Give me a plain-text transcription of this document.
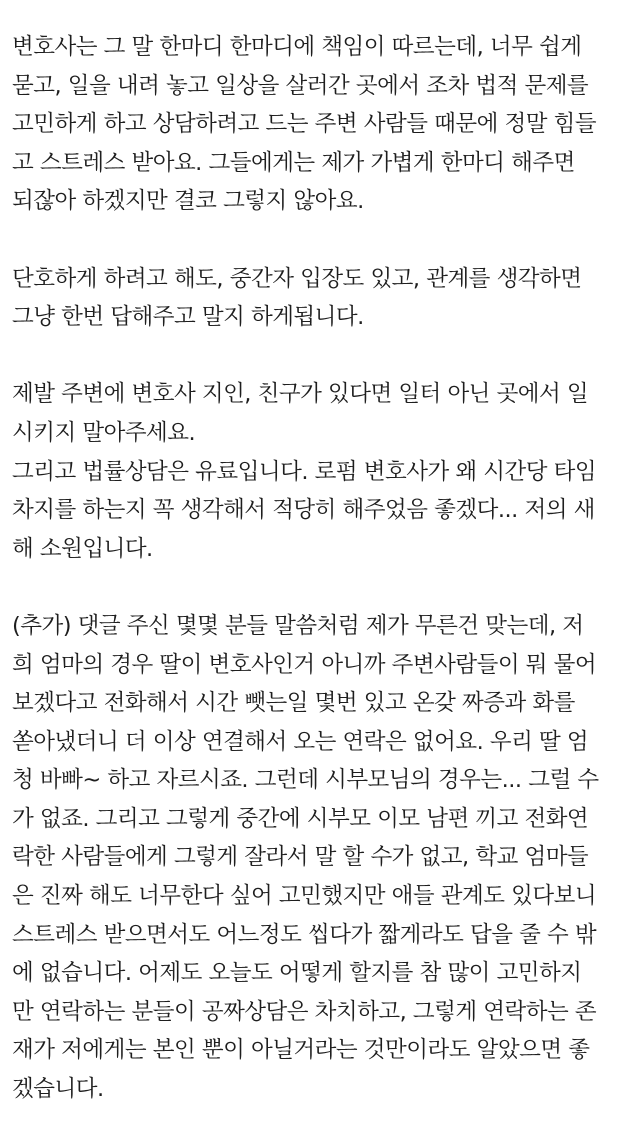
변호사는 그 말 한마디 한마디에 책임이 따르는데, 너무 쉽게
묻고, 일을 내려 놓고 일상을 살러간 곳에서 조차 법적 문제를
고민하게 하고 상담하려고 드는 주변 사람들 때문에 정말 힘들
고 스트레스 받아요. 그들에게는 제가 가볍게 한마디 해주면
되잖아 하겠지만 결코 그렇지 않아요.
단호하게 하려고 해도, 중간자 입장도 있고, 관계를 생각하면
그냥 한번 답해주고 말지 하게됩니다.
제발 주변에 변호사 지인, 친구가 있다면 일터 아닌 곳에서 일
시키지 말아주세요.
그리고 법률상담은 유료입니다. 로펌 변호사가 왜 시간당 타임
차지를 하는지 꼭 생각해서 적당히 해주었음 좋겠다... 저의 새
해 소원입니다.
(추가) 댓글 주신 몇몇 분들 말씀처럼 제가 무른건 맞는데, 저
희 엄마의 경우 딸이 변호사인거 아니까 주변사람들이 뭐 물어
보겠다고 전화해서 시간 뺏는일 몇번 있고 온갖 짜증과 화를
쏟아냈더니 더 이상 연결해서 오는 연락은 없어요. 우리 딸 엄
청 바빠~ 하고 자르시죠. 그런데 시부모님의 경우는... 그럴 수
가 없죠. 그리고 그렇게 중간에 시부모 이모 남편 끼고 전화연
락한 사람들에게 그렇게 잘라서 말 할 수가 없고, 학교 엄마들
은 진짜 해도 너무한다 싶어 고민했지만 애들 관계도 있다보니
스트레스 받으면서도 어느정도 씹다가 짧게라도 답을 줄 수 밖
에 없습니다. 어제도 오늘도 어떻게 할지를 참 많이 고민하지
만 연락하는 분들이 공짜상담은 차치하고, 그렇게 연락하는 존
재가 저에게는 본인 뿐이 아닐거라는 것만이라도 알았으면 좋
겠습니다.
